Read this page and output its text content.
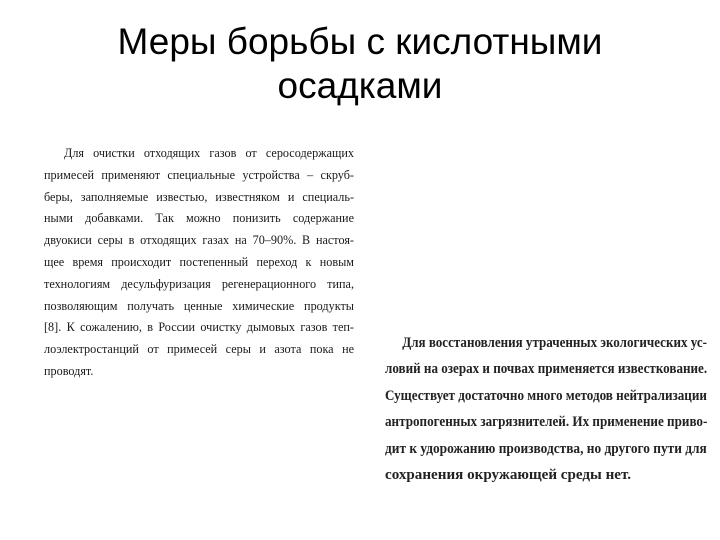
Меры борьбы с кислотными
осадками
Для очистки отходящих газов от серосодержащих
примесей применяют специальные устройства – скруб-
беры, заполняемые известью, известняком и специаль-
ными добавками. Так можно понизить содержание
двуокиси серы в отходящих газах на 70–90%. В настоя-
щее время происходит постепенный переход к новым
технологиям десульфуризация регенерационного типа,
позволяющим получать ценные химические продукты
[8]. К сожалению, в России очистку дымовых газов теп-
лоэлектростанций от примесей серы и азота пока не
проводят.
Для восстановления утраченных экологических ус-
ловий на озерах и почвах применяется известкование.
Существует достаточно много методов нейтрализации
антропогенных загрязнителей. Их применение приво-
дит к удорожанию производства, но другого пути для
сохранения окружающей среды нет.
